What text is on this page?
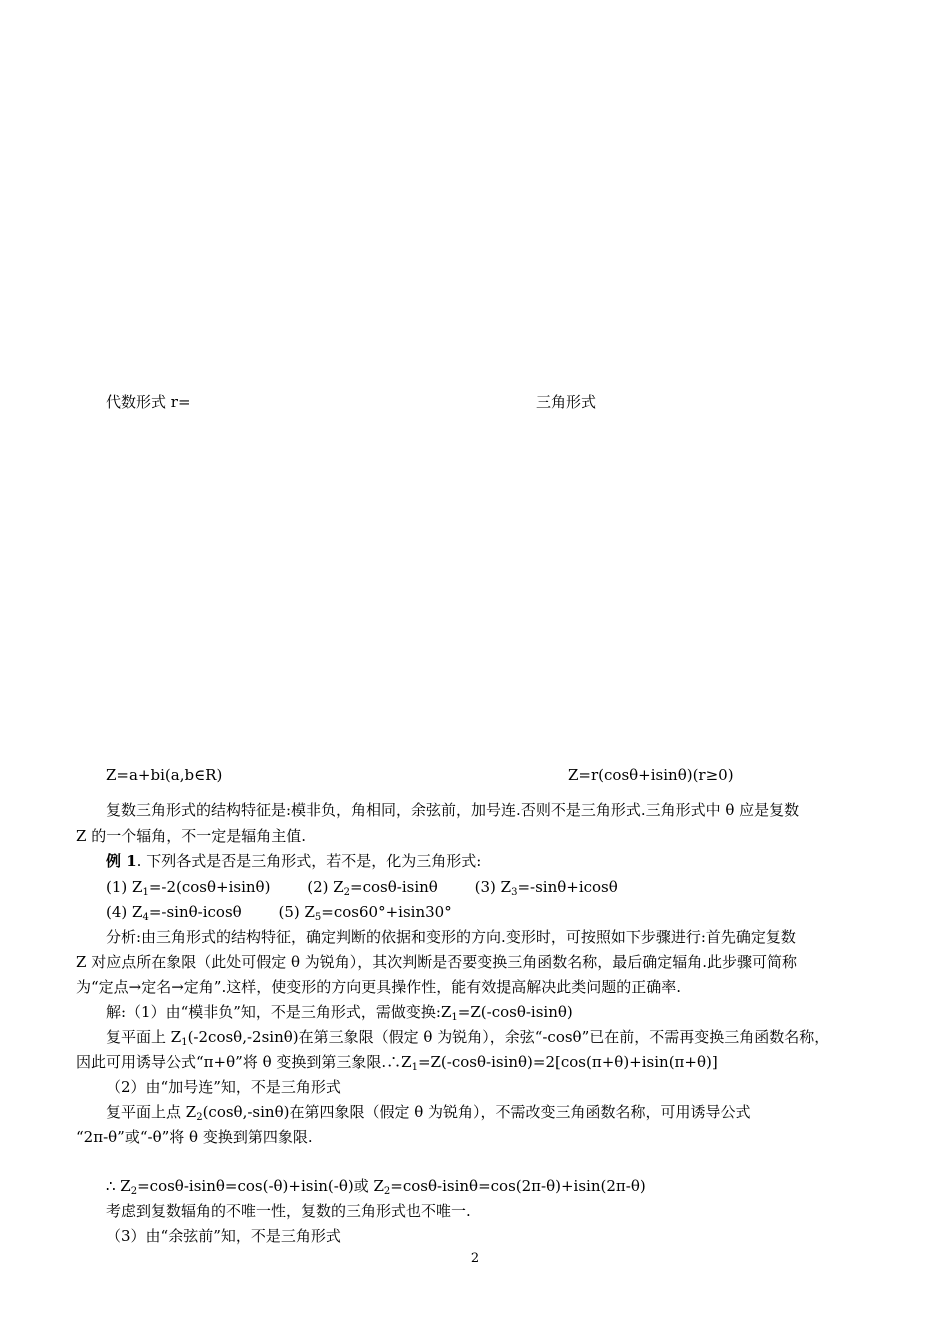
代数形式 r=	三角形式
Z=a+bi(a,b∈R)	Z=r(cosθ+isinθ)(r≥0)
复数三角形式的结构特征是:模非负，角相同，余弦前，加号连.否则不是三角形式.三角形式中 θ 应是复数
Z 的一个辐角，不一定是辐角主值.
例 1. 下列各式是否是三角形式，若不是，化为三角形式:
(1) $Z_1=-2(\cos\theta+isin\theta)$ (2) $Z_2=\cos\theta$-isinθ (3) $Z_3=-\sin\theta+icos\theta$
(4) $Z_4=-\sin\theta$-icosθ (5) $Z_5=\cos 60^\circ+isin30^\circ$
分析:由三角形式的结构特征，确定判断的依据和变形的方向.变形时，可按照如下步骤进行:首先确定复数
Z 对应点所在象限（此处可假定 θ 为锐角），其次判断是否要变换三角函数名称，最后确定辐角.此步骤可简称
为“定点→定名→定角”.这样，使变形的方向更具操作性，能有效提高解决此类问题的正确率.
解:（1）由“模非负”知，不是三角形式，需做变换$:Z_1=Z(-\cos\theta-isin\theta)$
复平面上 $Z_1(-2\cos\theta,-2\sin\theta)$在第三象限（假定 θ 为锐角），余弦“-cosθ”已在前，不需再变换三角函数名称，
因此可用诱导公式“π+θ”将 θ 变换到第三象限$.\therefore Z_1=Z(-\cos\theta-isin\theta)=2[\cos(\pi+\theta)+isin(\pi+\theta)]$
（2）由“加号连”知，不是三角形式
复平面上点 $Z_2(\cos\theta,-\sin\theta)$在第四象限（假定 θ 为锐角），不需改变三角函数名称，可用诱导公式
“2π-θ”或“-θ”将 θ 变换到第四象限.
∴ $Z_2=\cos\theta-isin\theta=\cos(-\theta)+isin(-\theta)$或 $Z_2=\cos\theta-isin\theta=\cos(2\pi-\theta)+isin(2\pi-\theta)$
考虑到复数辐角的不唯一性，复数的三角形式也不唯一.
（3）由“余弦前”知，不是三角形式
2
